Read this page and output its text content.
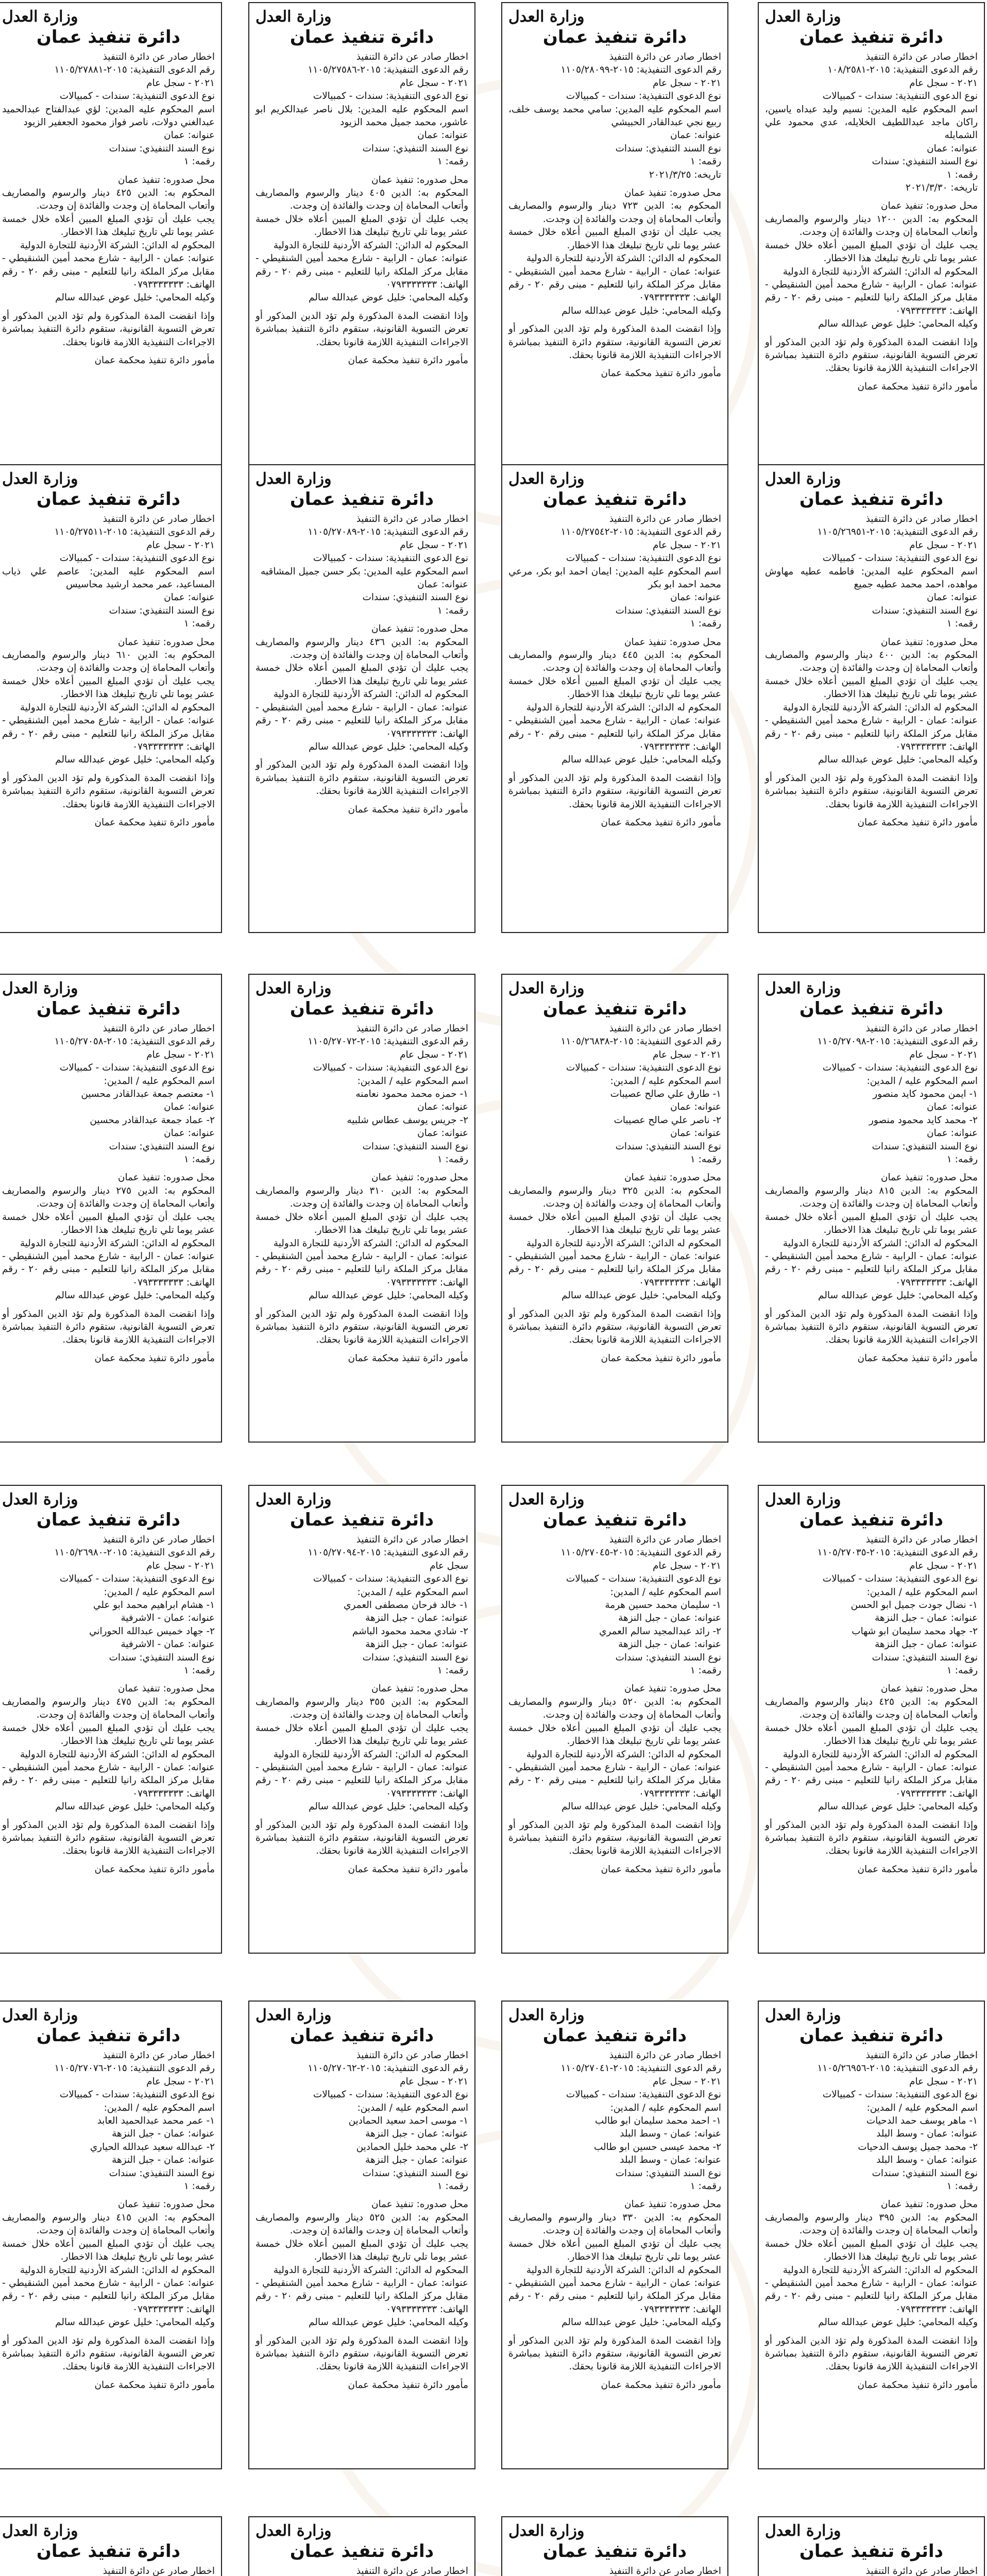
وزارة العدل
دائرة تنفيذ عمان

اخطار صادر عن دائرة التنفيذ

رقم الدعوى التنفيذية: ٢٠١٥-١٠٨/٢٥٨١

٢٠٢١ - سجل عام

نوع الدعوى التنفيذية: سندات - كمبيالات

اسم المحكوم عليه المدين: نسيم وليد عبداه ياسين، راكان ماجد عبداللطيف الخلايله، عدي محمود علي الشمايله

عنوانه: عمان

نوع السند التنفيذي: سندات

رقمه: ١

تاريخه: ٢٠٢١/٣/٣٠

محل صدوره: تنفيذ عمان

المحكوم به: الدين ١٢٠٠ دينار والرسوم والمصاريف وأتعاب المحاماة إن وجدت والفائدة إن وجدت.

يجب عليك أن تؤدي المبلغ المبين أعلاه خلال خمسة عشر يوما تلي تاريخ تبليغك هذا الاخطار.

المحكوم له الدائن: الشركة الأردنية للتجارة الدولية

عنوانه: عمان - الرابية - شارع محمد أمين الشنقيطي - مقابل مركز الملكة رانيا للتعليم - مبنى رقم ٢٠ - رقم الهاتف: ٠٧٩٣٣٣٣٣٣٣

وكيله المحامي: خليل عوض عبدالله سالم

وإذا انقضت المدة المذكورة ولم تؤد الدين المذكور أو تعرض التسوية القانونية، ستقوم دائرة التنفيذ بمباشرة الاجراءات التنفيذية اللازمة قانونا بحقك.

مأمور دائرة تنفيذ محكمة عمان
وزارة العدل
دائرة تنفيذ عمان

اخطار صادر عن دائرة التنفيذ

رقم الدعوى التنفيذية: ٢٠١٥-١١٠٥/٢٨٠٩٩

٢٠٢١ - سجل عام

نوع الدعوى التنفيذية: سندات - كمبيالات

اسم المحكوم عليه المدين: سامي محمد يوسف خلف، ربيع نجي عبدالقادر الحبيشي

عنوانه: عمان

نوع السند التنفيذي: سندات

رقمه: ١

تاريخه: ٢٠٢١/٣/٢٥

محل صدوره: تنفيذ عمان

المحكوم به: الدين ٧٢٣ دينار والرسوم والمصاريف وأتعاب المحاماة إن وجدت والفائدة إن وجدت.

يجب عليك أن تؤدي المبلغ المبين أعلاه خلال خمسة عشر يوما تلي تاريخ تبليغك هذا الاخطار.

المحكوم له الدائن: الشركة الأردنية للتجارة الدولية

عنوانه: عمان - الرابية - شارع محمد أمين الشنقيطي - مقابل مركز الملكة رانيا للتعليم - مبنى رقم ٢٠ - رقم الهاتف: ٠٧٩٣٣٣٣٣٣٣

وكيله المحامي: خليل عوض عبدالله سالم

وإذا انقضت المدة المذكورة ولم تؤد الدين المذكور أو تعرض التسوية القانونية، ستقوم دائرة التنفيذ بمباشرة الاجراءات التنفيذية اللازمة قانونا بحقك.

مأمور دائرة تنفيذ محكمة عمان
وزارة العدل
دائرة تنفيذ عمان

اخطار صادر عن دائرة التنفيذ

رقم الدعوى التنفيذية: ٢٠١٥-١١٠٥/٢٧٥٨٦

٢٠٢١ - سجل عام

نوع الدعوى التنفيذية: سندات - كمبيالات

اسم المحكوم عليه المدين: بلال ناصر عبدالكريم ابو عاشور، محمد جميل محمد الزيود

عنوانه: عمان

نوع السند التنفيذي: سندات

رقمه: ١

محل صدوره: تنفيذ عمان

المحكوم به: الدين ٤٠٥ دينار والرسوم والمصاريف وأتعاب المحاماة إن وجدت والفائدة إن وجدت.

يجب عليك أن تؤدي المبلغ المبين أعلاه خلال خمسة عشر يوما تلي تاريخ تبليغك هذا الاخطار.

المحكوم له الدائن: الشركة الأردنية للتجارة الدولية

عنوانه: عمان - الرابية - شارع محمد أمين الشنقيطي - مقابل مركز الملكة رانيا للتعليم - مبنى رقم ٢٠ - رقم الهاتف: ٠٧٩٣٣٣٣٣٣٣

وكيله المحامي: خليل عوض عبدالله سالم

وإذا انقضت المدة المذكورة ولم تؤد الدين المذكور أو تعرض التسوية القانونية، ستقوم دائرة التنفيذ بمباشرة الاجراءات التنفيذية اللازمة قانونا بحقك.

مأمور دائرة تنفيذ محكمة عمان
وزارة العدل
دائرة تنفيذ عمان

اخطار صادر عن دائرة التنفيذ

رقم الدعوى التنفيذية: ٢٠١٥-١١٠٥/٢٧٨٨١

٢٠٢١ - سجل عام

نوع الدعوى التنفيذية: سندات - كمبيالات

اسم المحكوم عليه المدين: لؤي عبدالفتاح عبدالحميد عبدالغني دولات، ناصر فواز محمود الجعفير الزيود

عنوانه: عمان

نوع السند التنفيذي: سندات

رقمه: ١

محل صدوره: تنفيذ عمان

المحكوم به: الدين ٤٢٥ دينار والرسوم والمصاريف وأتعاب المحاماة إن وجدت والفائدة إن وجدت.

يجب عليك أن تؤدي المبلغ المبين أعلاه خلال خمسة عشر يوما تلي تاريخ تبليغك هذا الاخطار.

المحكوم له الدائن: الشركة الأردنية للتجارة الدولية

عنوانه: عمان - الرابية - شارع محمد أمين الشنقيطي - مقابل مركز الملكة رانيا للتعليم - مبنى رقم ٢٠ - رقم الهاتف: ٠٧٩٣٣٣٣٣٣٣

وكيله المحامي: خليل عوض عبدالله سالم

وإذا انقضت المدة المذكورة ولم تؤد الدين المذكور أو تعرض التسوية القانونية، ستقوم دائرة التنفيذ بمباشرة الاجراءات التنفيذية اللازمة قانونا بحقك.

مأمور دائرة تنفيذ محكمة عمان
وزارة العدل
دائرة تنفيذ عمان

اخطار صادر عن دائرة التنفيذ

رقم الدعوى التنفيذية: ٢٠١٥-١١٠٥/٢٦٩٥١

٢٠٢١ - سجل عام

نوع الدعوى التنفيذية: سندات - كمبيالات

اسم المحكوم عليه المدين: فاطمه عطيه مهاوش مواهده، احمد محمد عطيه جميع

عنوانه: عمان

نوع السند التنفيذي: سندات

رقمه: ١

محل صدوره: تنفيذ عمان

المحكوم به: الدين ٤٠٠ دينار والرسوم والمصاريف وأتعاب المحاماة إن وجدت والفائدة إن وجدت.

يجب عليك أن تؤدي المبلغ المبين أعلاه خلال خمسة عشر يوما تلي تاريخ تبليغك هذا الاخطار.

المحكوم له الدائن: الشركة الأردنية للتجارة الدولية

عنوانه: عمان - الرابية - شارع محمد أمين الشنقيطي - مقابل مركز الملكة رانيا للتعليم - مبنى رقم ٢٠ - رقم الهاتف: ٠٧٩٣٣٣٣٣٣٣

وكيله المحامي: خليل عوض عبدالله سالم

وإذا انقضت المدة المذكورة ولم تؤد الدين المذكور أو تعرض التسوية القانونية، ستقوم دائرة التنفيذ بمباشرة الاجراءات التنفيذية اللازمة قانونا بحقك.

مأمور دائرة تنفيذ محكمة عمان
وزارة العدل
دائرة تنفيذ عمان

اخطار صادر عن دائرة التنفيذ

رقم الدعوى التنفيذية: ٢٠١٥-١١٠٥/٢٧٥٤٢

٢٠٢١ - سجل عام

نوع الدعوى التنفيذية: سندات - كمبيالات

اسم المحكوم عليه المدين: ايمان احمد ابو بكر، مرعي محمد احمد ابو بكر

عنوانه: عمان

نوع السند التنفيذي: سندات

رقمه: ١

محل صدوره: تنفيذ عمان

المحكوم به: الدين ٤٤٥ دينار والرسوم والمصاريف وأتعاب المحاماة إن وجدت والفائدة إن وجدت.

يجب عليك أن تؤدي المبلغ المبين أعلاه خلال خمسة عشر يوما تلي تاريخ تبليغك هذا الاخطار.

المحكوم له الدائن: الشركة الأردنية للتجارة الدولية

عنوانه: عمان - الرابية - شارع محمد أمين الشنقيطي - مقابل مركز الملكة رانيا للتعليم - مبنى رقم ٢٠ - رقم الهاتف: ٠٧٩٣٣٣٣٣٣٣

وكيله المحامي: خليل عوض عبدالله سالم

وإذا انقضت المدة المذكورة ولم تؤد الدين المذكور أو تعرض التسوية القانونية، ستقوم دائرة التنفيذ بمباشرة الاجراءات التنفيذية اللازمة قانونا بحقك.

مأمور دائرة تنفيذ محكمة عمان
وزارة العدل
دائرة تنفيذ عمان

اخطار صادر عن دائرة التنفيذ

رقم الدعوى التنفيذية: ٢٠١٥-١١٠٥/٢٧٠٨٩

٢٠٢١ - سجل عام

نوع الدعوى التنفيذية: سندات - كمبيالات

اسم المحكوم عليه المدين: بكر حسن جميل المشاقبه

عنوانه: عمان

نوع السند التنفيذي: سندات

رقمه: ١

محل صدوره: تنفيذ عمان

المحكوم به: الدين ٤٣٦ دينار والرسوم والمصاريف وأتعاب المحاماة إن وجدت والفائدة إن وجدت.

يجب عليك أن تؤدي المبلغ المبين أعلاه خلال خمسة عشر يوما تلي تاريخ تبليغك هذا الاخطار.

المحكوم له الدائن: الشركة الأردنية للتجارة الدولية

عنوانه: عمان - الرابية - شارع محمد أمين الشنقيطي - مقابل مركز الملكة رانيا للتعليم - مبنى رقم ٢٠ - رقم الهاتف: ٠٧٩٣٣٣٣٣٣٣

وكيله المحامي: خليل عوض عبدالله سالم

وإذا انقضت المدة المذكورة ولم تؤد الدين المذكور أو تعرض التسوية القانونية، ستقوم دائرة التنفيذ بمباشرة الاجراءات التنفيذية اللازمة قانونا بحقك.

مأمور دائرة تنفيذ محكمة عمان
وزارة العدل
دائرة تنفيذ عمان

اخطار صادر عن دائرة التنفيذ

رقم الدعوى التنفيذية: ٢٠١٥-١١٠٥/٢٧٥١١

٢٠٢١ - سجل عام

نوع الدعوى التنفيذية: سندات - كمبيالات

اسم المحكوم عليه المدين: عاصم علي ذياب المساعيد، عمر محمد ارشيد محاسيس

عنوانه: عمان

نوع السند التنفيذي: سندات

رقمه: ١

محل صدوره: تنفيذ عمان

المحكوم به: الدين ٦١٠ دينار والرسوم والمصاريف وأتعاب المحاماة إن وجدت والفائدة إن وجدت.

يجب عليك أن تؤدي المبلغ المبين أعلاه خلال خمسة عشر يوما تلي تاريخ تبليغك هذا الاخطار.

المحكوم له الدائن: الشركة الأردنية للتجارة الدولية

عنوانه: عمان - الرابية - شارع محمد أمين الشنقيطي - مقابل مركز الملكة رانيا للتعليم - مبنى رقم ٢٠ - رقم الهاتف: ٠٧٩٣٣٣٣٣٣٣

وكيله المحامي: خليل عوض عبدالله سالم

وإذا انقضت المدة المذكورة ولم تؤد الدين المذكور أو تعرض التسوية القانونية، ستقوم دائرة التنفيذ بمباشرة الاجراءات التنفيذية اللازمة قانونا بحقك.

مأمور دائرة تنفيذ محكمة عمان
وزارة العدل
دائرة تنفيذ عمان

اخطار صادر عن دائرة التنفيذ

رقم الدعوى التنفيذية: ٢٠١٥-١١٠٥/٢٧٠٩٨

٢٠٢١ - سجل عام

نوع الدعوى التنفيذية: سندات - كمبيالات

اسم المحكوم عليه / المدين:

١- ايمن محمود كايد منصور

عنوانه: عمان

٢- محمد كايد محمود منصور

عنوانه: عمان

نوع السند التنفيذي: سندات

رقمه: ١

محل صدوره: تنفيذ عمان

المحكوم به: الدين ٨١٥ دينار والرسوم والمصاريف وأتعاب المحاماة إن وجدت والفائدة إن وجدت.

يجب عليك أن تؤدي المبلغ المبين أعلاه خلال خمسة عشر يوما تلي تاريخ تبليغك هذا الاخطار.

المحكوم له الدائن: الشركة الأردنية للتجارة الدولية

عنوانه: عمان - الرابية - شارع محمد أمين الشنقيطي - مقابل مركز الملكة رانيا للتعليم - مبنى رقم ٢٠ - رقم الهاتف: ٠٧٩٣٣٣٣٣٣٣

وكيله المحامي: خليل عوض عبدالله سالم

وإذا انقضت المدة المذكورة ولم تؤد الدين المذكور أو تعرض التسوية القانونية، ستقوم دائرة التنفيذ بمباشرة الاجراءات التنفيذية اللازمة قانونا بحقك.

مأمور دائرة تنفيذ محكمة عمان
وزارة العدل
دائرة تنفيذ عمان

اخطار صادر عن دائرة التنفيذ

رقم الدعوى التنفيذية: ٢٠١٥-١١٠٥/٢٦٨٣٨

٢٠٢١ - سجل عام

نوع الدعوى التنفيذية: سندات - كمبيالات

اسم المحكوم عليه / المدين:

١- طارق علي صالح عصيبات

عنوانه: عمان

٢- ناصر علي صالح عصيبات

عنوانه: عمان

نوع السند التنفيذي: سندات

رقمه: ١

محل صدوره: تنفيذ عمان

المحكوم به: الدين ٣٢٥ دينار والرسوم والمصاريف وأتعاب المحاماة إن وجدت والفائدة إن وجدت.

يجب عليك أن تؤدي المبلغ المبين أعلاه خلال خمسة عشر يوما تلي تاريخ تبليغك هذا الاخطار.

المحكوم له الدائن: الشركة الأردنية للتجارة الدولية

عنوانه: عمان - الرابية - شارع محمد أمين الشنقيطي - مقابل مركز الملكة رانيا للتعليم - مبنى رقم ٢٠ - رقم الهاتف: ٠٧٩٣٣٣٣٣٣٣

وكيله المحامي: خليل عوض عبدالله سالم

وإذا انقضت المدة المذكورة ولم تؤد الدين المذكور أو تعرض التسوية القانونية، ستقوم دائرة التنفيذ بمباشرة الاجراءات التنفيذية اللازمة قانونا بحقك.

مأمور دائرة تنفيذ محكمة عمان
وزارة العدل
دائرة تنفيذ عمان

اخطار صادر عن دائرة التنفيذ

رقم الدعوى التنفيذية: ٢٠١٥-١١٠٥/٢٧٠٧٢

٢٠٢١ - سجل عام

نوع الدعوى التنفيذية: سندات - كمبيالات

اسم المحكوم عليه / المدين:

١- حمزه محمد محمود نعامنه

عنوانه: عمان

٢- جريس يوسف عطاس شلبيه

عنوانه: عمان

نوع السند التنفيذي: سندات

رقمه: ١

محل صدوره: تنفيذ عمان

المحكوم به: الدين ٣١٠ دينار والرسوم والمصاريف وأتعاب المحاماة إن وجدت والفائدة إن وجدت.

يجب عليك أن تؤدي المبلغ المبين أعلاه خلال خمسة عشر يوما تلي تاريخ تبليغك هذا الاخطار.

المحكوم له الدائن: الشركة الأردنية للتجارة الدولية

عنوانه: عمان - الرابية - شارع محمد أمين الشنقيطي - مقابل مركز الملكة رانيا للتعليم - مبنى رقم ٢٠ - رقم الهاتف: ٠٧٩٣٣٣٣٣٣٣

وكيله المحامي: خليل عوض عبدالله سالم

وإذا انقضت المدة المذكورة ولم تؤد الدين المذكور أو تعرض التسوية القانونية، ستقوم دائرة التنفيذ بمباشرة الاجراءات التنفيذية اللازمة قانونا بحقك.

مأمور دائرة تنفيذ محكمة عمان
وزارة العدل
دائرة تنفيذ عمان

اخطار صادر عن دائرة التنفيذ

رقم الدعوى التنفيذية: ٢٠١٥-١١٠٥/٢٧٠٥٨

٢٠٢١ - سجل عام

نوع الدعوى التنفيذية: سندات - كمبيالات

اسم المحكوم عليه / المدين:

١- معتصم جمعة عبدالقادر محسين

عنوانه: عمان

٢- عماد جمعة عبدالقادر محسين

عنوانه: عمان

نوع السند التنفيذي: سندات

رقمه: ١

محل صدوره: تنفيذ عمان

المحكوم به: الدين ٢٧٥ دينار والرسوم والمصاريف وأتعاب المحاماة إن وجدت والفائدة إن وجدت.

يجب عليك أن تؤدي المبلغ المبين أعلاه خلال خمسة عشر يوما تلي تاريخ تبليغك هذا الاخطار.

المحكوم له الدائن: الشركة الأردنية للتجارة الدولية

عنوانه: عمان - الرابية - شارع محمد أمين الشنقيطي - مقابل مركز الملكة رانيا للتعليم - مبنى رقم ٢٠ - رقم الهاتف: ٠٧٩٣٣٣٣٣٣٣

وكيله المحامي: خليل عوض عبدالله سالم

وإذا انقضت المدة المذكورة ولم تؤد الدين المذكور أو تعرض التسوية القانونية، ستقوم دائرة التنفيذ بمباشرة الاجراءات التنفيذية اللازمة قانونا بحقك.

مأمور دائرة تنفيذ محكمة عمان
وزارة العدل
دائرة تنفيذ عمان

اخطار صادر عن دائرة التنفيذ

رقم الدعوى التنفيذية: ٢٠١٥-١١٠٥/٢٧٠٣٥

٢٠٢١ - سجل عام

نوع الدعوى التنفيذية: سندات - كمبيالات

اسم المحكوم عليه / المدين:

١- نضال جودت جميل ابو الحسن

عنوانه: عمان - جبل النزهة

٢- جهاد محمد سليمان ابو شهاب

عنوانه: عمان - جبل النزهة

نوع السند التنفيذي: سندات

رقمه: ١

محل صدوره: تنفيذ عمان

المحكوم به: الدين ٤٢٥ دينار والرسوم والمصاريف وأتعاب المحاماة إن وجدت والفائدة إن وجدت.

يجب عليك أن تؤدي المبلغ المبين أعلاه خلال خمسة عشر يوما تلي تاريخ تبليغك هذا الاخطار.

المحكوم له الدائن: الشركة الأردنية للتجارة الدولية

عنوانه: عمان - الرابية - شارع محمد أمين الشنقيطي - مقابل مركز الملكة رانيا للتعليم - مبنى رقم ٢٠ - رقم الهاتف: ٠٧٩٣٣٣٣٣٣٣

وكيله المحامي: خليل عوض عبدالله سالم

وإذا انقضت المدة المذكورة ولم تؤد الدين المذكور أو تعرض التسوية القانونية، ستقوم دائرة التنفيذ بمباشرة الاجراءات التنفيذية اللازمة قانونا بحقك.

مأمور دائرة تنفيذ محكمة عمان
وزارة العدل
دائرة تنفيذ عمان

اخطار صادر عن دائرة التنفيذ

رقم الدعوى التنفيذية: ٢٠١٥-١١٠٥/٢٧٠٤٥

٢٠٢١ - سجل عام

نوع الدعوى التنفيذية: سندات - كمبيالات

اسم المحكوم عليه / المدين:

١- سليمان محمد حسين هرمة

عنوانه: عمان - جبل النزهة

٢- رائد عبدالمجيد سالم العمري

عنوانه: عمان - جبل النزهة

نوع السند التنفيذي: سندات

رقمه: ١

محل صدوره: تنفيذ عمان

المحكوم به: الدين ٥٢٠ دينار والرسوم والمصاريف وأتعاب المحاماة إن وجدت والفائدة إن وجدت.

يجب عليك أن تؤدي المبلغ المبين أعلاه خلال خمسة عشر يوما تلي تاريخ تبليغك هذا الاخطار.

المحكوم له الدائن: الشركة الأردنية للتجارة الدولية

عنوانه: عمان - الرابية - شارع محمد أمين الشنقيطي - مقابل مركز الملكة رانيا للتعليم - مبنى رقم ٢٠ - رقم الهاتف: ٠٧٩٣٣٣٣٣٣٣

وكيله المحامي: خليل عوض عبدالله سالم

وإذا انقضت المدة المذكورة ولم تؤد الدين المذكور أو تعرض التسوية القانونية، ستقوم دائرة التنفيذ بمباشرة الاجراءات التنفيذية اللازمة قانونا بحقك.

مأمور دائرة تنفيذ محكمة عمان
وزارة العدل
دائرة تنفيذ عمان

اخطار صادر عن دائرة التنفيذ

رقم الدعوى التنفيذية: ٢٠١٥-١١٠٥/٢٧٠٩٤

سجل عام

نوع الدعوى التنفيذية: سندات - كمبيالات

اسم المحكوم عليه / المدين:

١- خالد فرحان مصطفى العمري

عنوانه: عمان - جبل النزهة

٢- شادي محمد محمود الباشم

عنوانه: عمان - جبل النزهة

نوع السند التنفيذي: سندات

رقمه: ١

محل صدوره: تنفيذ عمان

المحكوم به: الدين ٣٥٥ دينار والرسوم والمصاريف وأتعاب المحاماة إن وجدت والفائدة إن وجدت.

يجب عليك أن تؤدي المبلغ المبين أعلاه خلال خمسة عشر يوما تلي تاريخ تبليغك هذا الاخطار.

المحكوم له الدائن: الشركة الأردنية للتجارة الدولية

عنوانه: عمان - الرابية - شارع محمد أمين الشنقيطي - مقابل مركز الملكة رانيا للتعليم - مبنى رقم ٢٠ - رقم الهاتف: ٠٧٩٣٣٣٣٣٣٣

وكيله المحامي: خليل عوض عبدالله سالم

وإذا انقضت المدة المذكورة ولم تؤد الدين المذكور أو تعرض التسوية القانونية، ستقوم دائرة التنفيذ بمباشرة الاجراءات التنفيذية اللازمة قانونا بحقك.

مأمور دائرة تنفيذ محكمة عمان
وزارة العدل
دائرة تنفيذ عمان

اخطار صادر عن دائرة التنفيذ

رقم الدعوى التنفيذية: ٢٠١٥-١١٠٥/٢٦٩٨٠

٢٠٢١ - سجل عام

نوع الدعوى التنفيذية: سندات - كمبيالات

اسم المحكوم عليه / المدين:

١- هشام ابراهيم محمد ابو علي

عنوانه: عمان - الاشرفية

٢- جهاد خميس عبدالله الحوراني

عنوانه: عمان - الاشرفية

نوع السند التنفيذي: سندات

رقمه: ١

محل صدوره: تنفيذ عمان

المحكوم به: الدين ٤٧٥ دينار والرسوم والمصاريف وأتعاب المحاماة إن وجدت والفائدة إن وجدت.

يجب عليك أن تؤدي المبلغ المبين أعلاه خلال خمسة عشر يوما تلي تاريخ تبليغك هذا الاخطار.

المحكوم له الدائن: الشركة الأردنية للتجارة الدولية

عنوانه: عمان - الرابية - شارع محمد أمين الشنقيطي - مقابل مركز الملكة رانيا للتعليم - مبنى رقم ٢٠ - رقم الهاتف: ٠٧٩٣٣٣٣٣٣٣

وكيله المحامي: خليل عوض عبدالله سالم

وإذا انقضت المدة المذكورة ولم تؤد الدين المذكور أو تعرض التسوية القانونية، ستقوم دائرة التنفيذ بمباشرة الاجراءات التنفيذية اللازمة قانونا بحقك.

مأمور دائرة تنفيذ محكمة عمان
وزارة العدل
دائرة تنفيذ عمان

اخطار صادر عن دائرة التنفيذ

رقم الدعوى التنفيذية: ٢٠١٥-١١٠٥/٢٦٩٥٦

٢٠٢١ - سجل عام

نوع الدعوى التنفيذية: سندات - كمبيالات

اسم المحكوم عليه / المدين:

١- ماهر يوسف حمد الدحيات

عنوانه: عمان - وسط البلد

٢- محمد جميل يوسف الدحيات

عنوانه: عمان - وسط البلد

نوع السند التنفيذي: سندات

رقمه: ١

محل صدوره: تنفيذ عمان

المحكوم به: الدين ٣٩٥ دينار والرسوم والمصاريف وأتعاب المحاماة إن وجدت والفائدة إن وجدت.

يجب عليك أن تؤدي المبلغ المبين أعلاه خلال خمسة عشر يوما تلي تاريخ تبليغك هذا الاخطار.

المحكوم له الدائن: الشركة الأردنية للتجارة الدولية

عنوانه: عمان - الرابية - شارع محمد أمين الشنقيطي - مقابل مركز الملكة رانيا للتعليم - مبنى رقم ٢٠ - رقم الهاتف: ٠٧٩٣٣٣٣٣٣٣

وكيله المحامي: خليل عوض عبدالله سالم

وإذا انقضت المدة المذكورة ولم تؤد الدين المذكور أو تعرض التسوية القانونية، ستقوم دائرة التنفيذ بمباشرة الاجراءات التنفيذية اللازمة قانونا بحقك.

مأمور دائرة تنفيذ محكمة عمان
وزارة العدل
دائرة تنفيذ عمان

اخطار صادر عن دائرة التنفيذ

رقم الدعوى التنفيذية: ٢٠١٥-١١٠٥/٢٧٠٤١

٢٠٢١ - سجل عام

نوع الدعوى التنفيذية: سندات - كمبيالات

اسم المحكوم عليه / المدين:

١- احمد محمد سليمان ابو طالب

عنوانه: عمان - وسط البلد

٢- محمد عيسى حسين ابو طالب

عنوانه: عمان - وسط البلد

نوع السند التنفيذي: سندات

رقمه: ١

محل صدوره: تنفيذ عمان

المحكوم به: الدين ٣٣٠ دينار والرسوم والمصاريف وأتعاب المحاماة إن وجدت والفائدة إن وجدت.

يجب عليك أن تؤدي المبلغ المبين أعلاه خلال خمسة عشر يوما تلي تاريخ تبليغك هذا الاخطار.

المحكوم له الدائن: الشركة الأردنية للتجارة الدولية

عنوانه: عمان - الرابية - شارع محمد أمين الشنقيطي - مقابل مركز الملكة رانيا للتعليم - مبنى رقم ٢٠ - رقم الهاتف: ٠٧٩٣٣٣٣٣٣٣

وكيله المحامي: خليل عوض عبدالله سالم

وإذا انقضت المدة المذكورة ولم تؤد الدين المذكور أو تعرض التسوية القانونية، ستقوم دائرة التنفيذ بمباشرة الاجراءات التنفيذية اللازمة قانونا بحقك.

مأمور دائرة تنفيذ محكمة عمان
وزارة العدل
دائرة تنفيذ عمان

اخطار صادر عن دائرة التنفيذ

رقم الدعوى التنفيذية: ٢٠١٥-١١٠٥/٢٧٠٦٢

٢٠٢١ - سجل عام

نوع الدعوى التنفيذية: سندات - كمبيالات

اسم المحكوم عليه / المدين:

١- موسى احمد سعيد الحمادين

عنوانه: عمان - جبل النزهة

٢- علي محمد خليل الحمادين

عنوانه: عمان - جبل النزهة

نوع السند التنفيذي: سندات

رقمه: ١

محل صدوره: تنفيذ عمان

المحكوم به: الدين ٥٢٥ دينار والرسوم والمصاريف وأتعاب المحاماة إن وجدت والفائدة إن وجدت.

يجب عليك أن تؤدي المبلغ المبين أعلاه خلال خمسة عشر يوما تلي تاريخ تبليغك هذا الاخطار.

المحكوم له الدائن: الشركة الأردنية للتجارة الدولية

عنوانه: عمان - الرابية - شارع محمد أمين الشنقيطي - مقابل مركز الملكة رانيا للتعليم - مبنى رقم ٢٠ - رقم الهاتف: ٠٧٩٣٣٣٣٣٣٣

وكيله المحامي: خليل عوض عبدالله سالم

وإذا انقضت المدة المذكورة ولم تؤد الدين المذكور أو تعرض التسوية القانونية، ستقوم دائرة التنفيذ بمباشرة الاجراءات التنفيذية اللازمة قانونا بحقك.

مأمور دائرة تنفيذ محكمة عمان
وزارة العدل
دائرة تنفيذ عمان

اخطار صادر عن دائرة التنفيذ

رقم الدعوى التنفيذية: ٢٠١٥-١١٠٥/٢٧٠٧٦

٢٠٢١ - سجل عام

نوع الدعوى التنفيذية: سندات - كمبيالات

اسم المحكوم عليه / المدين:

١- عمر محمد عبدالحميد العابد

عنوانه: عمان - جبل النزهة

٢- عبدالله سعيد عبدالله الحياري

عنوانه: عمان - جبل النزهة

نوع السند التنفيذي: سندات

رقمه: ١

محل صدوره: تنفيذ عمان

المحكوم به: الدين ٤١٥ دينار والرسوم والمصاريف وأتعاب المحاماة إن وجدت والفائدة إن وجدت.

يجب عليك أن تؤدي المبلغ المبين أعلاه خلال خمسة عشر يوما تلي تاريخ تبليغك هذا الاخطار.

المحكوم له الدائن: الشركة الأردنية للتجارة الدولية

عنوانه: عمان - الرابية - شارع محمد أمين الشنقيطي - مقابل مركز الملكة رانيا للتعليم - مبنى رقم ٢٠ - رقم الهاتف: ٠٧٩٣٣٣٣٣٣٣

وكيله المحامي: خليل عوض عبدالله سالم

وإذا انقضت المدة المذكورة ولم تؤد الدين المذكور أو تعرض التسوية القانونية، ستقوم دائرة التنفيذ بمباشرة الاجراءات التنفيذية اللازمة قانونا بحقك.

مأمور دائرة تنفيذ محكمة عمان
وزارة العدل
دائرة تنفيذ عمان

اخطار صادر عن دائرة التنفيذ

وزارة العدل
دائرة تنفيذ عمان

اخطار صادر عن دائرة التنفيذ

وزارة العدل
دائرة تنفيذ عمان

اخطار صادر عن دائرة التنفيذ

وزارة العدل
دائرة تنفيذ عمان

اخطار صادر عن دائرة التنفيذ
